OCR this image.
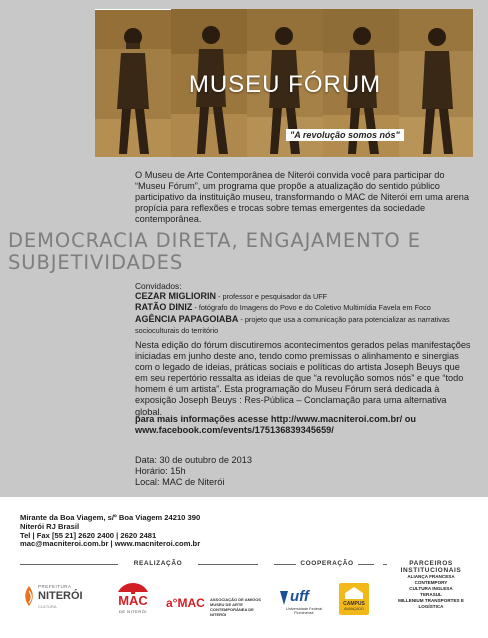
MUSEU FÓRUM
"A revolução somos nós"
O Museu de Arte Contemporânea de Niterói convida você para participar do “Museu Fórum”, um programa que propõe a atualização do sentido público participativo da instituição museu, transformando o MAC de Niterói em uma arena propícia para reflexões e trocas sobre temas emergentes da sociedade contemporânea.
DEMOCRACIA DIRETA, ENGAJAMENTO E SUBJETIVIDADES
Convidados:
CEZAR MIGLIORIN - professor e pesquisador da UFF
RATÃO DINIZ - fotógrafo do Imagens do Povo e do Coletivo Multimídia Favela em Foco
AGÊNCIA PAPAGOIABA - projeto que usa a comunicação para potencializar as narrativas socioculturais do território
Nesta edição do fórum discutiremos acontecimentos gerados pelas manifestações iniciadas em junho deste ano, tendo como premissas o alinhamento e sinergias com o legado de ideias, práticas sociais e políticas do artista Joseph Beuys que em seu repertório ressalta as ideias de que “a revolução somos nós” e que “todo homem é um artista”. Esta programação do Museu Fórum será dedicada à exposição Joseph Beuys : Res-Pública – Conclamação para uma alternativa global.
para mais informações acesse http://www.macniteroi.com.br/ ou
www.facebook.com/events/175136839345659/
Data: 30 de outubro de 2013
Horário: 15h
Local: MAC de Niterói
Mirante da Boa Viagem, s/º Boa Viagem 24210 390
Niterói RJ Brasil
Tel | Fax [55 21] 2620 2400 | 2620 2481
mac@macniteroi.com.br | www.macniteroi.com.br
REALIZAÇÃO	COOPERAÇÃO	PARCEIROS INSTITUCIONAIS
PREFEITURA
NITERÓI
CULTURA	MAC
DE NITERÓI
a°MAC ASSOCIAÇÃO DE AMIGOS MUSEU DE ARTE CONTEMPORÂNEA DE NITERÓI
uff
Universidade Federal Fluminense
CAMPUS
AVANÇADO
ALIANÇA FRANCESA
CONTEMPORY
CULTURA INGLESA
TERASUL
MILLENIUM TRANSPORTES E LOGÍSTICA
